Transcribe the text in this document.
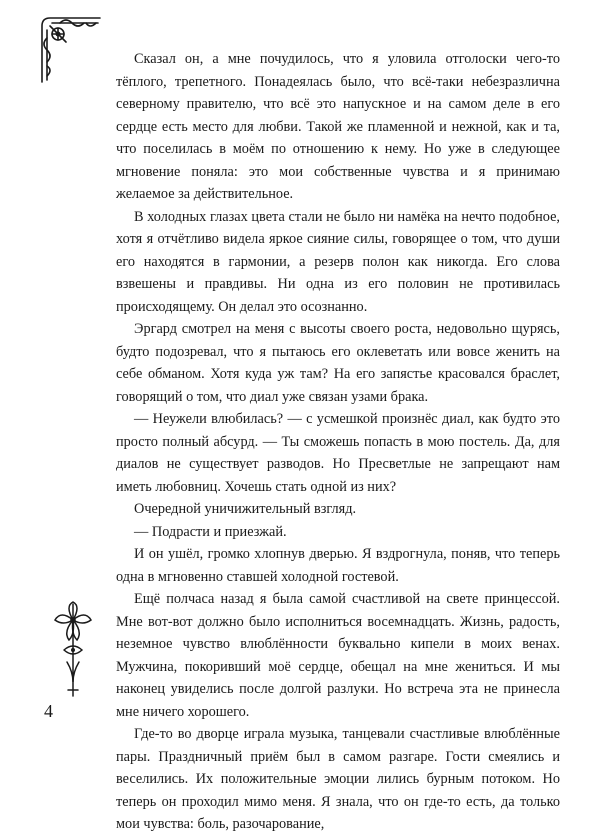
Сказал он, а мне почудилось, что я уловила отголоски чего-то тёплого, трепетного. Понадеялась было, что всё-таки небезразлична северному правителю, что всё это напускное и на самом деле в его сердце есть место для любви. Такой же пламенной и нежной, как и та, что поселилась в моём по отношению к нему. Но уже в следующее мгновение поняла: это мои собственные чувства и я принимаю желаемое за действительное.

В холодных глазах цвета стали не было ни намёка на нечто подобное, хотя я отчётливо видела яркое сияние силы, говорящее о том, что души его находятся в гармонии, а резерв полон как никогда. Его слова взвешены и правдивы. Ни одна из его половин не противилась происходящему. Он делал это осознанно.

Эргард смотрел на меня с высоты своего роста, недовольно щурясь, будто подозревал, что я пытаюсь его оклеветать или вовсе женить на себе обманом. Хотя куда уж там? На его запястье красовался браслет, говорящий о том, что диал уже связан узами брака.

— Неужели влюбилась? — с усмешкой произнёс диал, как будто это просто полный абсурд. — Ты сможешь попасть в мою постель. Да, для диалов не существует разводов. Но Пресветлые не запрещают нам иметь любовниц. Хочешь стать одной из них?

Очередной уничижительный взгляд.

— Подрасти и приезжай.

И он ушёл, громко хлопнув дверью. Я вздрогнула, поняв, что теперь одна в мгновенно ставшей холодной гостевой.

Ещё полчаса назад я была самой счастливой на свете принцессой. Мне вот-вот должно было исполниться восемнадцать. Жизнь, радость, неземное чувство влюблённости буквально кипели в моих венах. Мужчина, покоривший моё сердце, обещал на мне жениться. И мы наконец увиделись после долгой разлуки. Но встреча эта не принесла мне ничего хорошего.

Где-то во дворце играла музыка, танцевали счастливые влюблённые пары. Праздничный приём был в самом разгаре. Гости смеялись и веселились. Их положительные эмоции лились бурным потоком. Но теперь он проходил мимо меня. Я знала, что он где-то есть, да только мои чувства: боль, разочарование,

4
